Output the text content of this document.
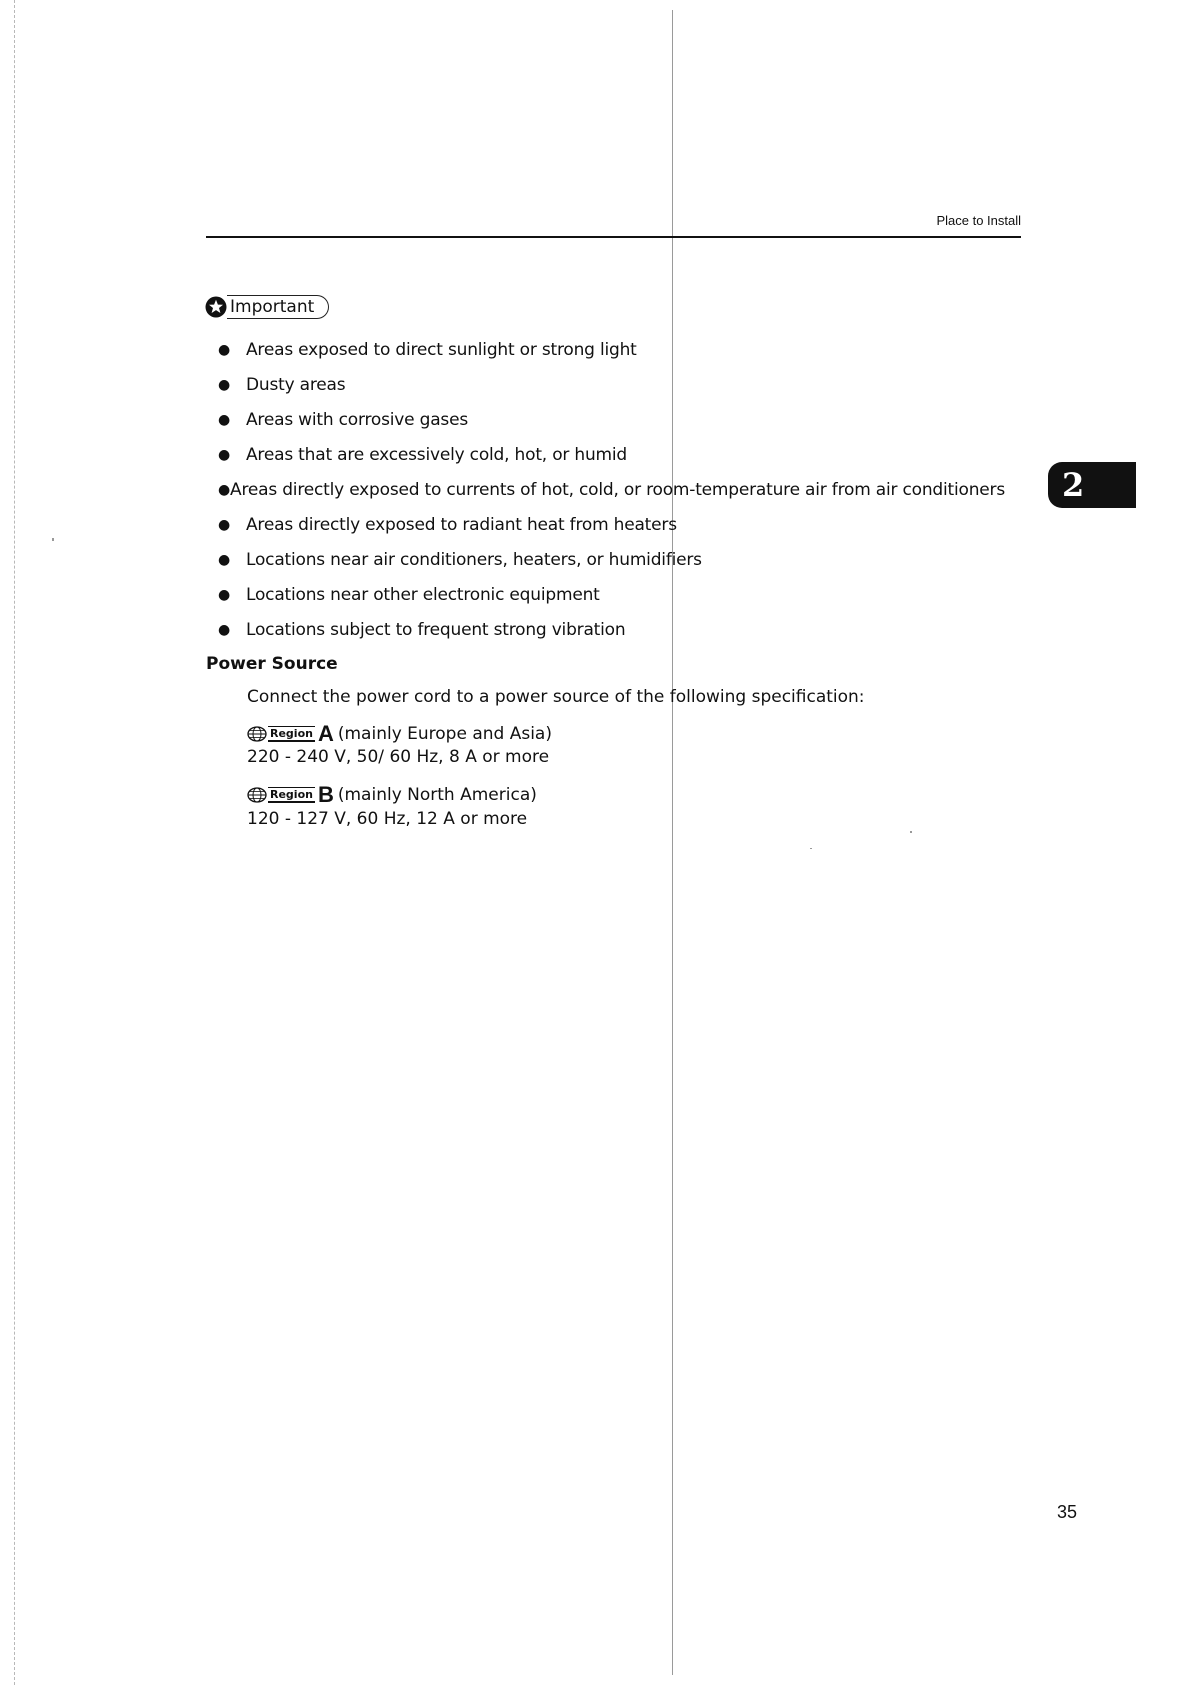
Place to Install
Important
● Areas exposed to direct sunlight or strong light
● Dusty areas
● Areas with corrosive gases
● Areas that are excessively cold, hot, or humid
● Areas directly exposed to currents of hot, cold, or room-temperature air from air conditioners
● Areas directly exposed to radiant heat from heaters
● Locations near air conditioners, heaters, or humidifiers
● Locations near other electronic equipment
● Locations subject to frequent strong vibration
Power Source
Connect the power cord to a power source of the following specification:
Region A (mainly Europe and Asia)
220 - 240 V, 50/ 60 Hz, 8 A or more
Region B (mainly North America)
120 - 127 V, 60 Hz, 12 A or more
2
35
